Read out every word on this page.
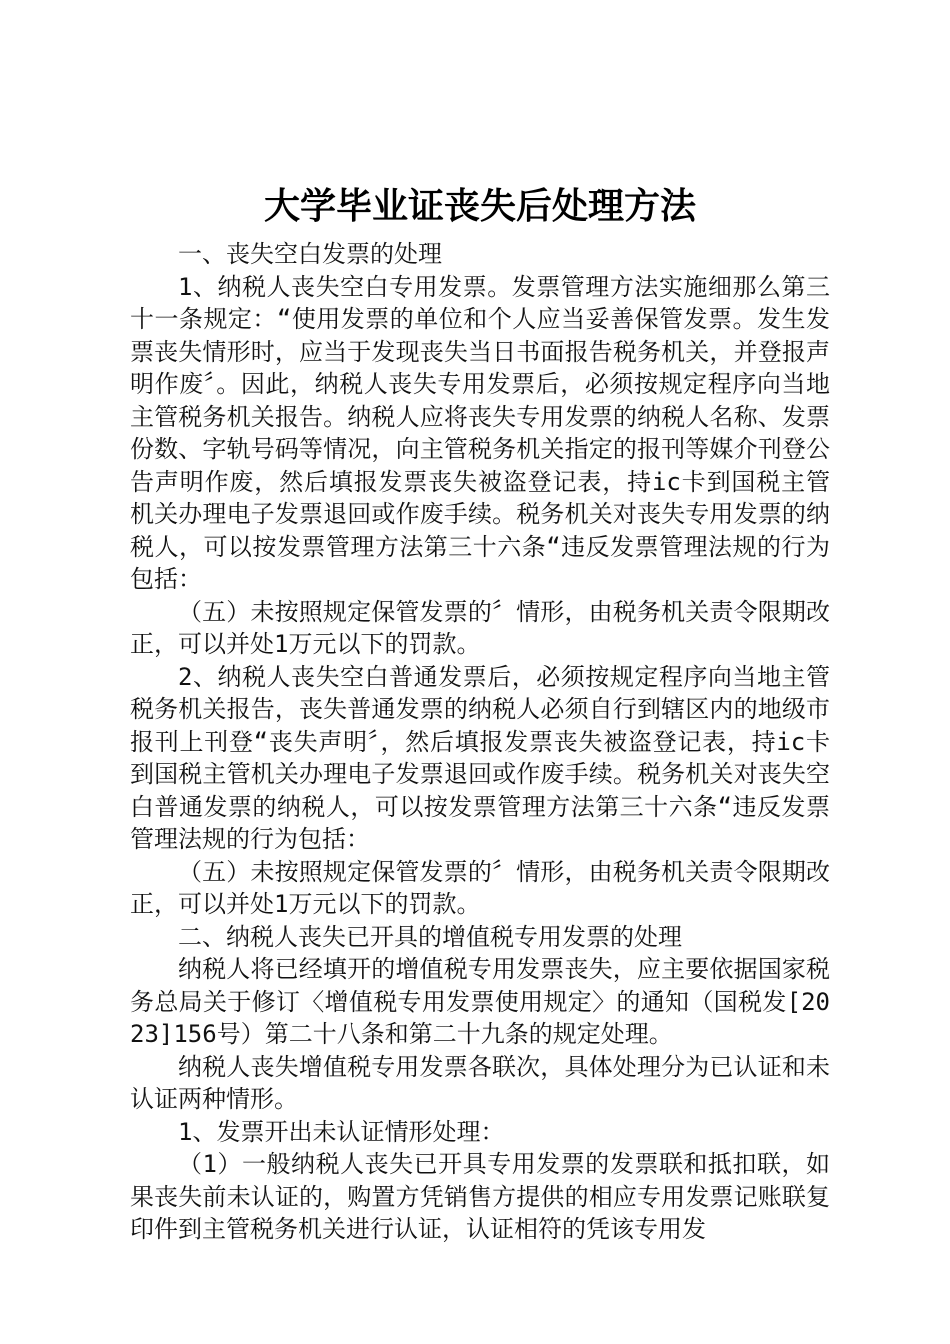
大学毕业证丧失后处理方法

一、丧失空白发票的处理

1、纳税人丧失空白专用发票。发票管理方法实施细那么第三十一条规定：“使用发票的单位和个人应当妥善保管发票。发生发票丧失情形时，应当于发现丧失当日书面报告税务机关，并登报声明作废〞。因此，纳税人丧失专用发票后，必须按规定程序向当地主管税务机关报告。纳税人应将丧失专用发票的纳税人名称、发票份数、字轨号码等情况，向主管税务机关指定的报刊等媒介刊登公告声明作废，然后填报发票丧失被盗登记表，持ic卡到国税主管机关办理电子发票退回或作废手续。税务机关对丧失专用发票的纳税人，可以按发票管理方法第三十六条“违反发票管理法规的行为包括：

（五）未按照规定保管发票的〞情形，由税务机关责令限期改正，可以并处1万元以下的罚款。

2、纳税人丧失空白普通发票后，必须按规定程序向当地主管税务机关报告，丧失普通发票的纳税人必须自行到辖区内的地级市报刊上刊登“丧失声明〞，然后填报发票丧失被盗登记表，持ic卡到国税主管机关办理电子发票退回或作废手续。税务机关对丧失空白普通发票的纳税人，可以按发票管理方法第三十六条“违反发票管理法规的行为包括：

（五）未按照规定保管发票的〞情形，由税务机关责令限期改正，可以并处1万元以下的罚款。

二、纳税人丧失已开具的增值税专用发票的处理

纳税人将已经填开的增值税专用发票丧失，应主要依据国家税务总局关于修订〈增值税专用发票使用规定〉的通知（国税发[2023]156号）第二十八条和第二十九条的规定处理。

纳税人丧失增值税专用发票各联次，具体处理分为已认证和未认证两种情形。

1、发票开出未认证情形处理：

（1）一般纳税人丧失已开具专用发票的发票联和抵扣联，如果丧失前未认证的，购置方凭销售方提供的相应专用发票记账联复印件到主管税务机关进行认证，认证相符的凭该专用发
